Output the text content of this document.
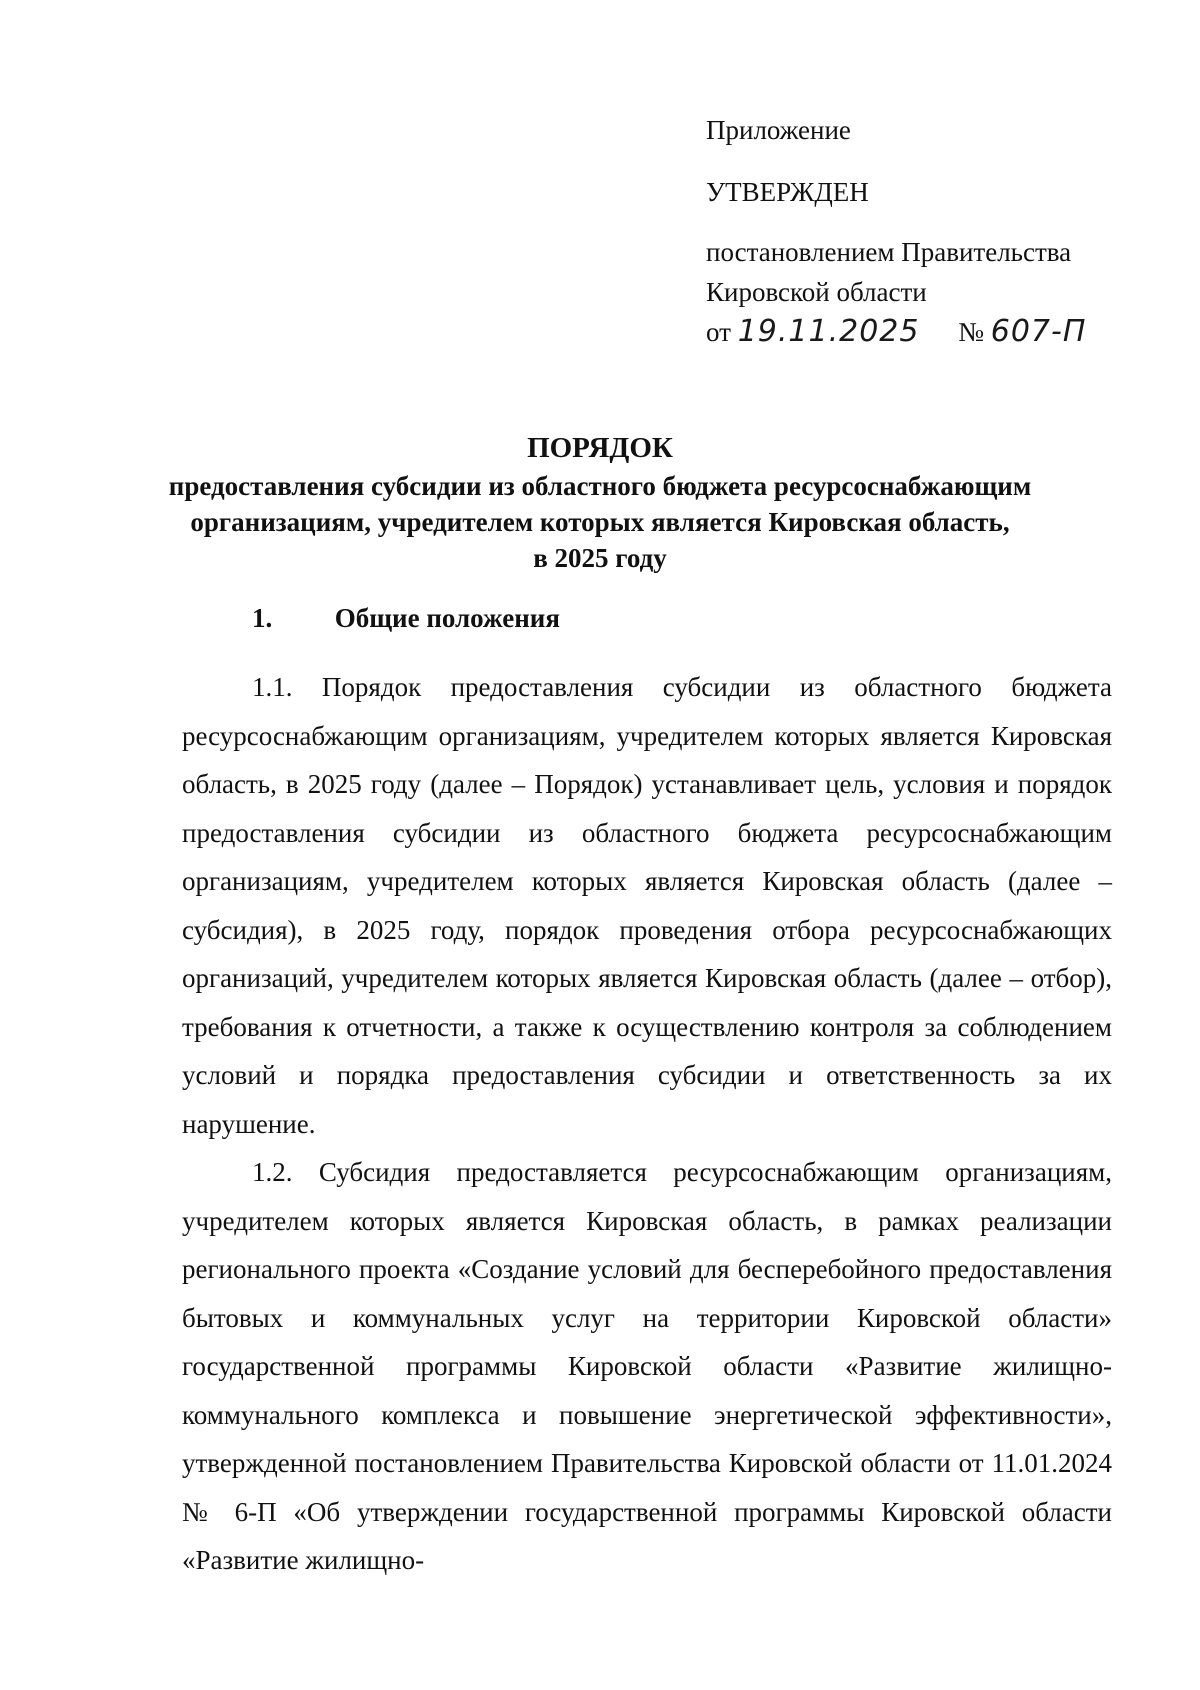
Приложение
УТВЕРЖДЕН
постановлением Правительства
Кировской области
от 19.11.2025 № 607-П
ПОРЯДОК
предоставления субсидии из областного бюджета ресурсоснабжающим
организациям, учредителем которых является Кировская область,
в 2025 году
1. Общие положения

1.1. Порядок предоставления субсидии из областного бюджета ресурсоснабжающим организациям, учредителем которых является Кировская область, в 2025 году (далее – Порядок) устанавливает цель, условия и порядок предоставления субсидии из областного бюджета ресурсоснабжающим организациям, учредителем которых является Кировская область (далее – субсидия), в 2025 году, порядок проведения отбора ресурсоснабжающих организаций, учредителем которых является Кировская область (далее – отбор), требования к отчетности, а также к осуществлению контроля за соблюдением условий и порядка предоставления субсидии и ответственность за их нарушение.

1.2. Субсидия предоставляется ресурсоснабжающим организациям, учредителем которых является Кировская область, в рамках реализации регионального проекта «Создание условий для бесперебойного предоставления бытовых и коммунальных услуг на территории Кировской области» государственной программы Кировской области «Развитие жилищно-коммунального комплекса и повышение энергетической эффективности», утвержденной постановлением Правительства Кировской области от 11.01.2024 № 6-П «Об утверждении государственной программы Кировской области «Развитие жилищно-
